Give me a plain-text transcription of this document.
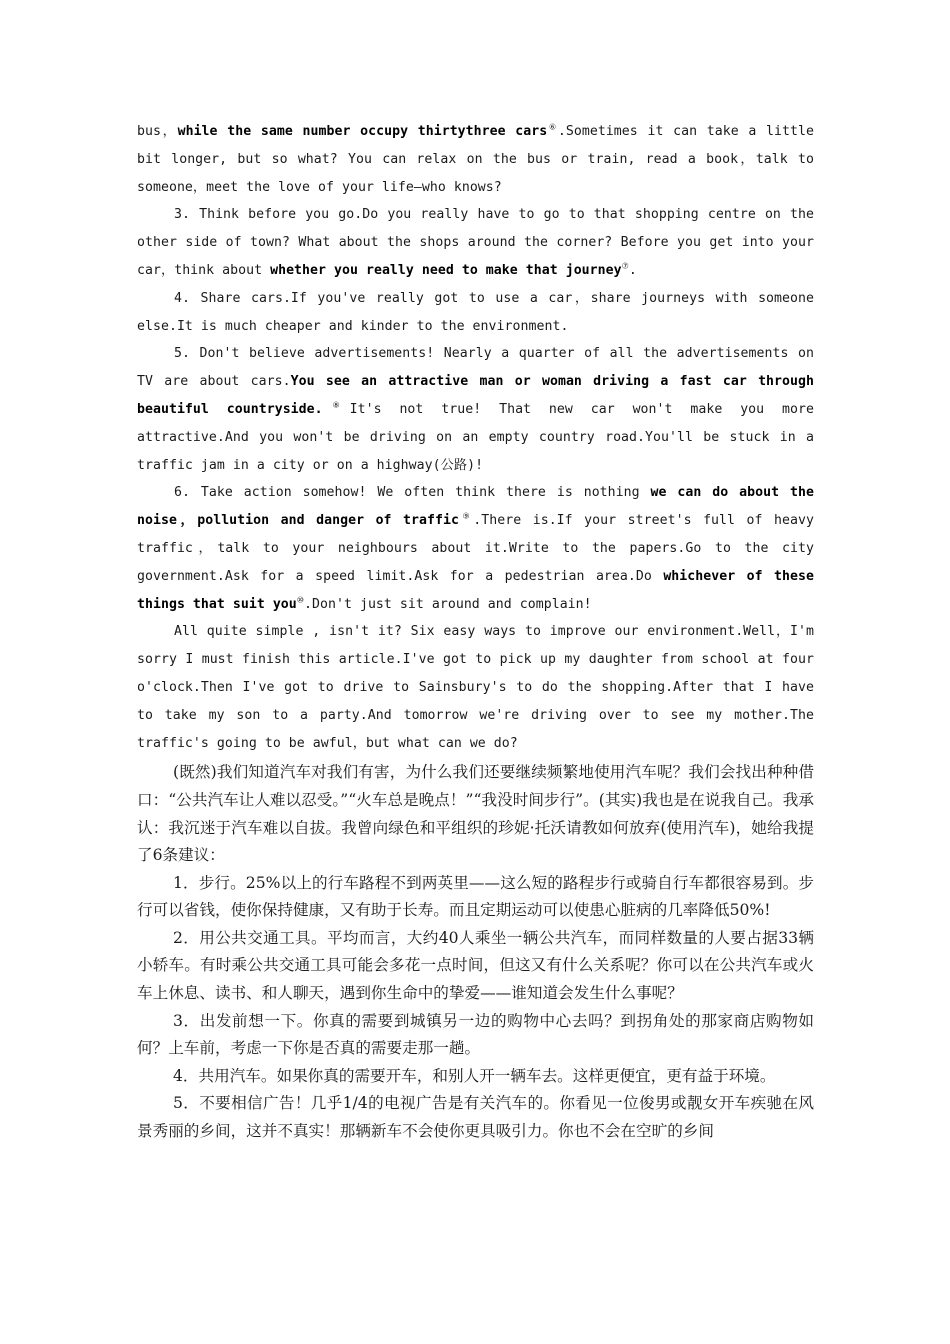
bus，while the same number occupy thirtythree cars⑥.Sometimes it can take a little bit longer, but so what? You can relax on the bus or train, read a book，talk to someone，meet the love of your life—who knows?

3. Think before you go.Do you really have to go to that shopping centre on the other side of town? What about the shops around the corner? Before you get into your car，think about whether you really need to make that journey⑦.

4. Share cars.If you've really got to use a car，share journeys with someone else.It is much cheaper and kinder to the environment.

5. Don't believe advertisements! Nearly a quarter of all the advertisements on TV are about cars.You see an attractive man or woman driving a fast car through beautiful countryside.⑧It's not true! That new car won't make you more attractive.And you won't be driving on an empty country road.You'll be stuck in a traffic jam in a city or on a highway(公路)!

6. Take action somehow! We often think there is nothing we can do about the noise，pollution and danger of traffic⑨.There is.If your street's full of heavy traffic，talk to your neighbours about it.Write to the papers.Go to the city government.Ask for a speed limit.Ask for a pedestrian area.Do whichever of these things that suit you⑩.Don't just sit around and complain!

All quite simple , isn't it? Six easy ways to improve our environment.Well，I'm sorry I must finish this article.I've got to pick up my daughter from school at four o'clock.Then I've got to drive to Sainsbury's to do the shopping.After that I have to take my son to a party.And tomorrow we're driving over to see my mother.The traffic's going to be awful，but what can we do?

(既然)我们知道汽车对我们有害，为什么我们还要继续频繁地使用汽车呢？我们会找出种种借口：“公共汽车让人难以忍受。”“火车总是晚点！”“我没时间步行”。(其实)我也是在说我自己。我承认：我沉迷于汽车难以自拔。我曾向绿色和平组织的珍妮·托沃请教如何放弃(使用汽车)，她给我提了6条建议：

1．步行。25%以上的行车路程不到两英里——这么短的路程步行或骑自行车都很容易到。步行可以省钱，使你保持健康，又有助于长寿。而且定期运动可以使患心脏病的几率降低50%!

2．用公共交通工具。平均而言，大约40人乘坐一辆公共汽车，而同样数量的人要占据33辆小轿车。有时乘公共交通工具可能会多花一点时间，但这又有什么关系呢？你可以在公共汽车或火车上休息、读书、和人聊天，遇到你生命中的挚爱——谁知道会发生什么事呢？

3．出发前想一下。你真的需要到城镇另一边的购物中心去吗？到拐角处的那家商店购物如何？上车前，考虑一下你是否真的需要走那一趟。

4．共用汽车。如果你真的需要开车，和别人开一辆车去。这样更便宜，更有益于环境。

5．不要相信广告！几乎1/4的电视广告是有关汽车的。你看见一位俊男或靓女开车疾驰在风景秀丽的乡间，这并不真实！那辆新车不会使你更具吸引力。你也不会在空旷的乡间
